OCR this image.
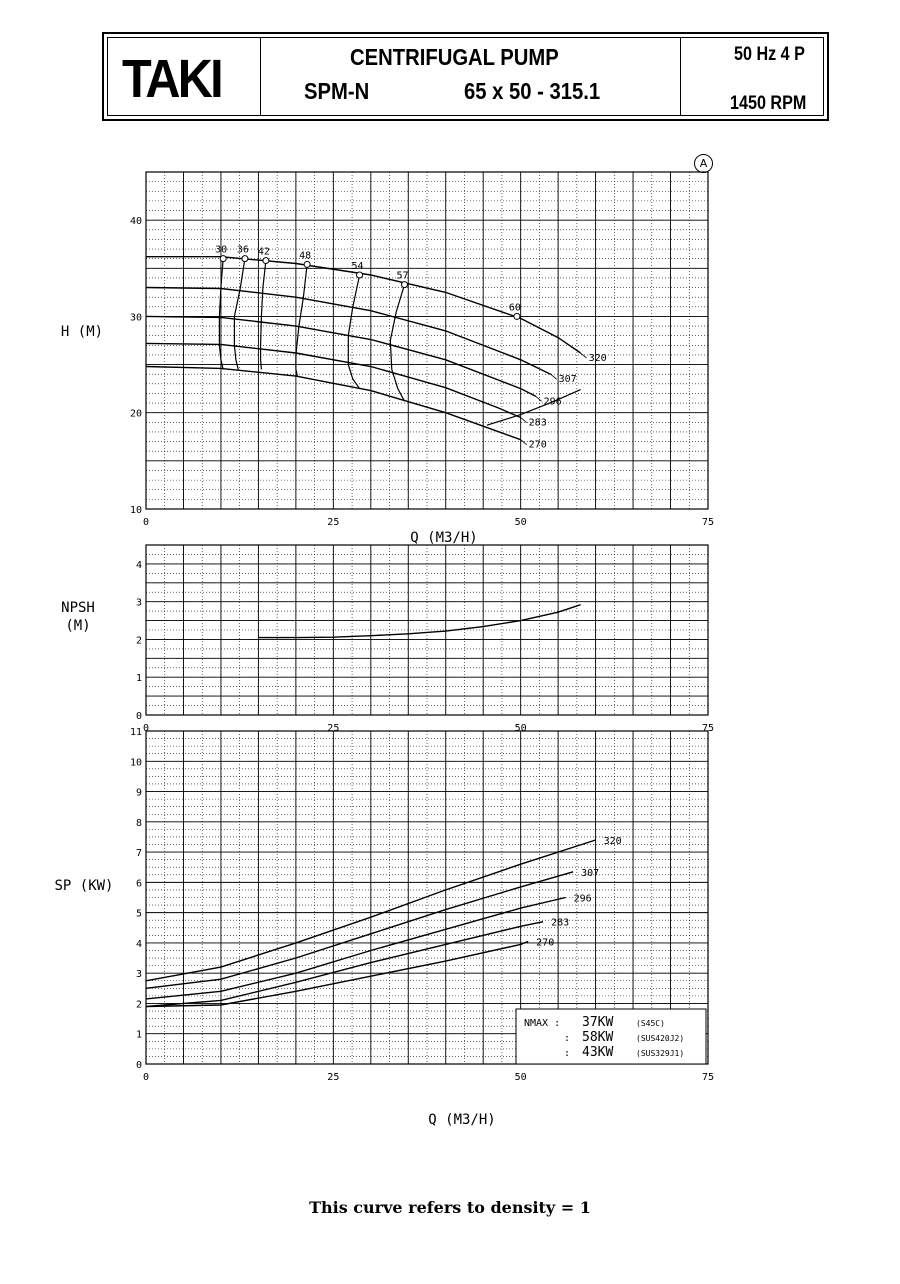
TAKI	CENTRIFUGAL PUMP
SPM-N	65 x 50 - 315.1
50 Hz 4 P
1450 RPM
A
10
20
30
40
0	25	50	75
H (M)
Q (M3/H)
320
307
296
283
270
30 36 42	48
54
57
60
0
1
2
3
4
0	25	50	75
NPSH
(M)
0
1
2
3
4
5
6
7
8
9
10
11
0	25	50	75
SP (KW)
Q (M3/H)
320
307
296
283
270
NMAX : 37KW	(S45C)
: 58KW	(SUS420J2)
: 43KW	(SUS329J1)
This curve refers to density = 1
